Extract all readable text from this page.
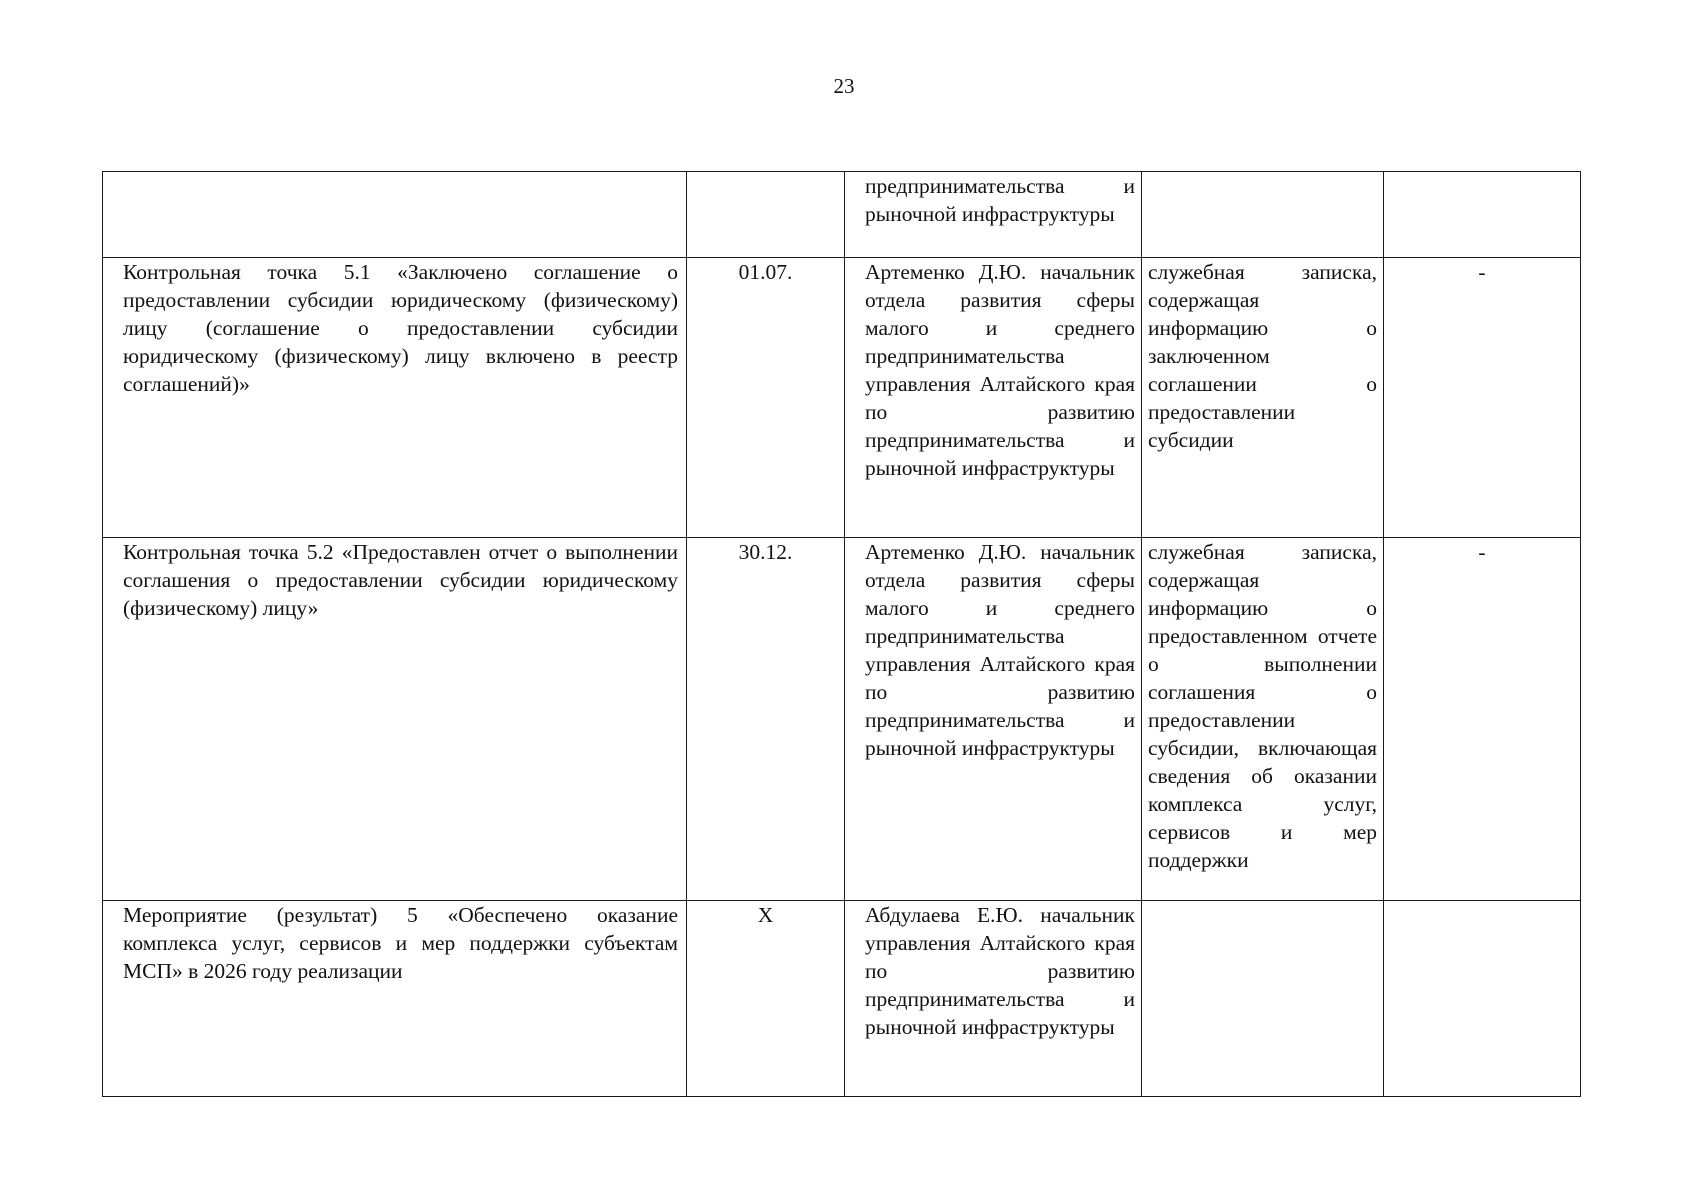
23
		предпринимательства и рыночной инфраструктуры		
Контрольная точка 5.1 «Заключено соглашение о предоставлении субсидии юридическому (физическому) лицу (соглашение о предоставлении субсидии юридическому (физическому) лицу включено в реестр соглашений)»	01.07.	Артеменко Д.Ю. начальник отдела развития сферы малого и среднего предпринимательства управления Алтайского края по развитию предпринимательства и рыночной инфраструктуры	служебная записка, содержащая информацию о заключенном соглашении о предоставлении субсидии	-
Контрольная точка 5.2 «Предоставлен отчет о выполнении соглашения о предоставлении субсидии юридическому (физическому) лицу»	30.12.	Артеменко Д.Ю. начальник отдела развития сферы малого и среднего предпринимательства управления Алтайского края по развитию предпринимательства и рыночной инфраструктуры	служебная записка, содержащая информацию о предоставленном отчете о выполнении соглашения о предоставлении субсидии, включающая сведения об оказании комплекса услуг, сервисов и мер поддержки	-
Мероприятие (результат) 5 «Обеспечено оказание комплекса услуг, сервисов и мер поддержки субъектам МСП» в 2026 году реализации	X	Абдулаева Е.Ю. начальник управления Алтайского края по развитию предпринимательства и рыночной инфраструктуры		
